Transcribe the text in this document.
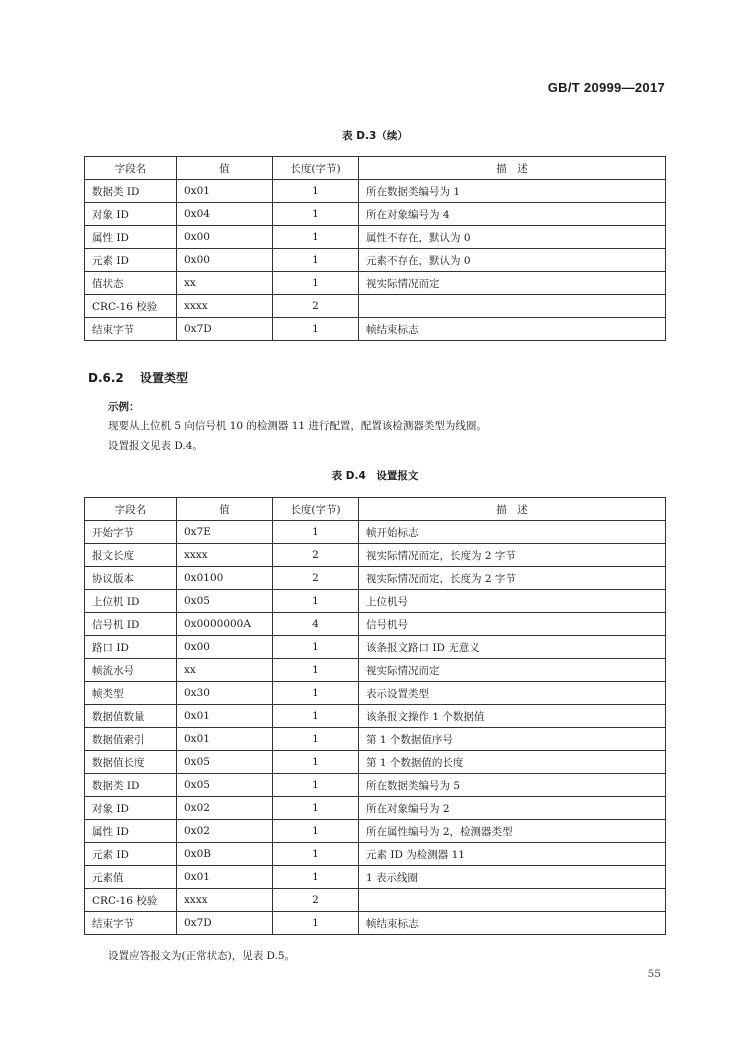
GB/T 20999—2017
表 D.3（续）
字段名	值	长度(字节)	描　述
数据类 ID	0x01	1	所在数据类编号为 1
对象 ID	0x04	1	所在对象编号为 4
属性 ID	0x00	1	属性不存在，默认为 0
元素 ID	0x00	1	元素不存在，默认为 0
值状态	xx	1	视实际情况而定
CRC-16 校验	xxxx	2	
结束字节	0x7D	1	帧结束标志
D.6.2 设置类型
示例：
现要从上位机 5 向信号机 10 的检测器 11 进行配置，配置该检测器类型为线圈。
设置报文见表 D.4。
表 D.4　设置报文
字段名	值	长度(字节)	描　述
开始字节	0x7E	1	帧开始标志
报文长度	xxxx	2	视实际情况而定，长度为 2 字节
协议版本	0x0100	2	视实际情况而定，长度为 2 字节
上位机 ID	0x05	1	上位机号
信号机 ID	0x0000000A	4	信号机号
路口 ID	0x00	1	该条报文路口 ID 无意义
帧流水号	xx	1	视实际情况而定
帧类型	0x30	1	表示设置类型
数据值数量	0x01	1	该条报文操作 1 个数据值
数据值索引	0x01	1	第 1 个数据值序号
数据值长度	0x05	1	第 1 个数据值的长度
数据类 ID	0x05	1	所在数据类编号为 5
对象 ID	0x02	1	所在对象编号为 2
属性 ID	0x02	1	所在属性编号为 2，检测器类型
元素 ID	0x0B	1	元素 ID 为检测器 11
元素值	0x01	1	1 表示线圈
CRC-16 校验	xxxx	2	
结束字节	0x7D	1	帧结束标志
设置应答报文为(正常状态)，见表 D.5。
55
